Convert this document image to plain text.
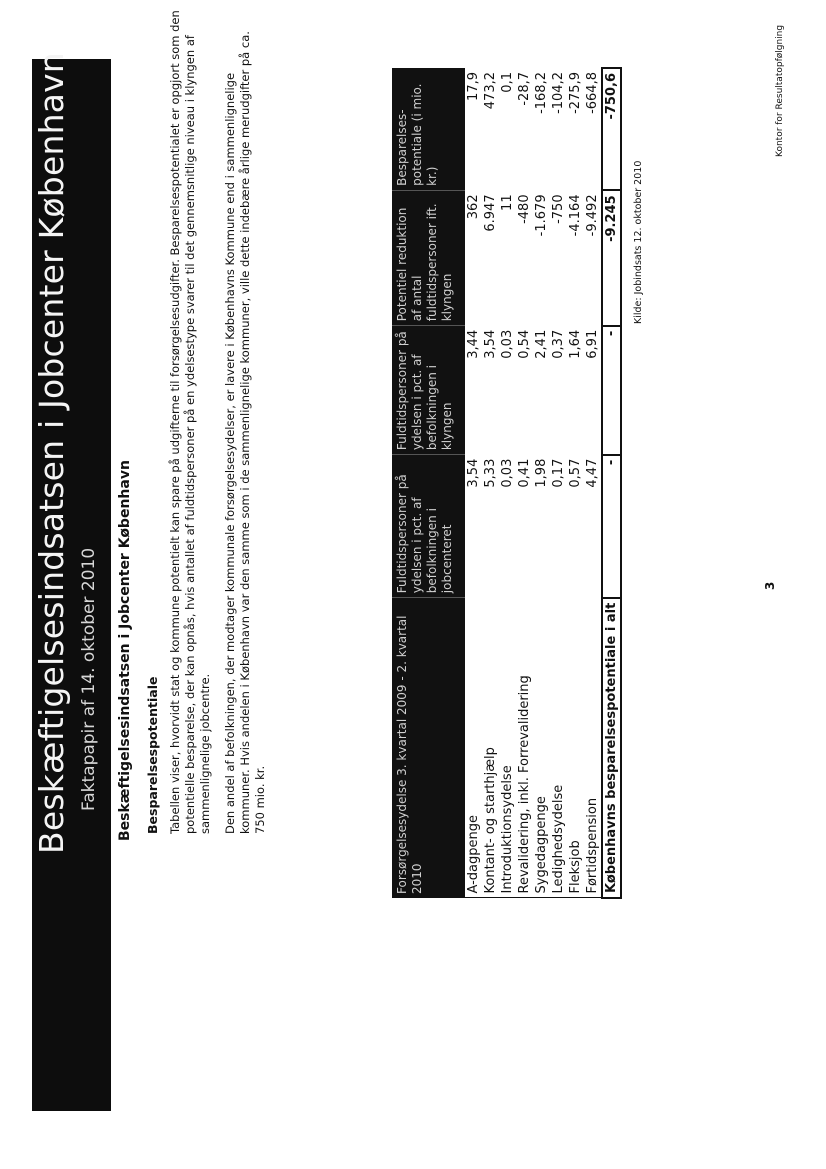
Beskæftigelsesindsatsen i Jobcenter København Faktapapir af 14. oktober 2010 Beskæftigelsesindsatsen i Jobcenter København Besparelsespotentiale Tabellen viser, hvorvidt stat og kommune potentielt kan spare på udgifterne til forsørgelsesudgifter. Besparelsespotentialet er opgjort som den potentielle besparelse, der kan opnås, hvis antallet af fuldtidspersoner på en ydelsestype svarer til det gennemsnitlige niveau i klyngen af sammenlignelige jobcentre. Den andel af befolkningen, der modtager kommunale forsørgelsesydelser, er lavere i Københavns Kommune end i sammenlignelige kommuner. Hvis andelen i København var den samme som i de sammenlignelige kommuner, ville dette indebære årlige merudgifter på ca. 750 mio. kr.	Forsørgelsesydelse 3. kvartal 2009 - 2. kvartal 2010	Fuldtidspersoner på ydelsen i pct. af befolkningen i jobcenteret	Fuldtidspersoner på ydelsen i pct. af befolkningen i klyngen	Potentiel reduktion af antal fuldtidspersoner ift. klyngen	Besparelses-potentiale (i mio. kr.)
A-dagpenge	3,54	3,44	362	17,9
Kontant- og starthjælp	5,33	3,54	6.947	473,2
Introduktionsydelse	0,03	0,03	11	0,1
Revalidering, inkl. Forrevalidering	0,41	0,54	-480	-28,7
Sygedagpenge	1,98	2,41	-1.679	-168,2
Ledighedsydelse	0,17	0,37	-750	-104,2
Fleksjob	0,57	1,64	-4.164	-275,9
Førtidspension	4,47	6,91	-9.492	-664,8
Københavns besparelsespotentiale i alt	-	-	-9.245	-750,6
Kilde: Jobindsats 12. oktober 2010
3
Kontor for Resultatopfølgning
